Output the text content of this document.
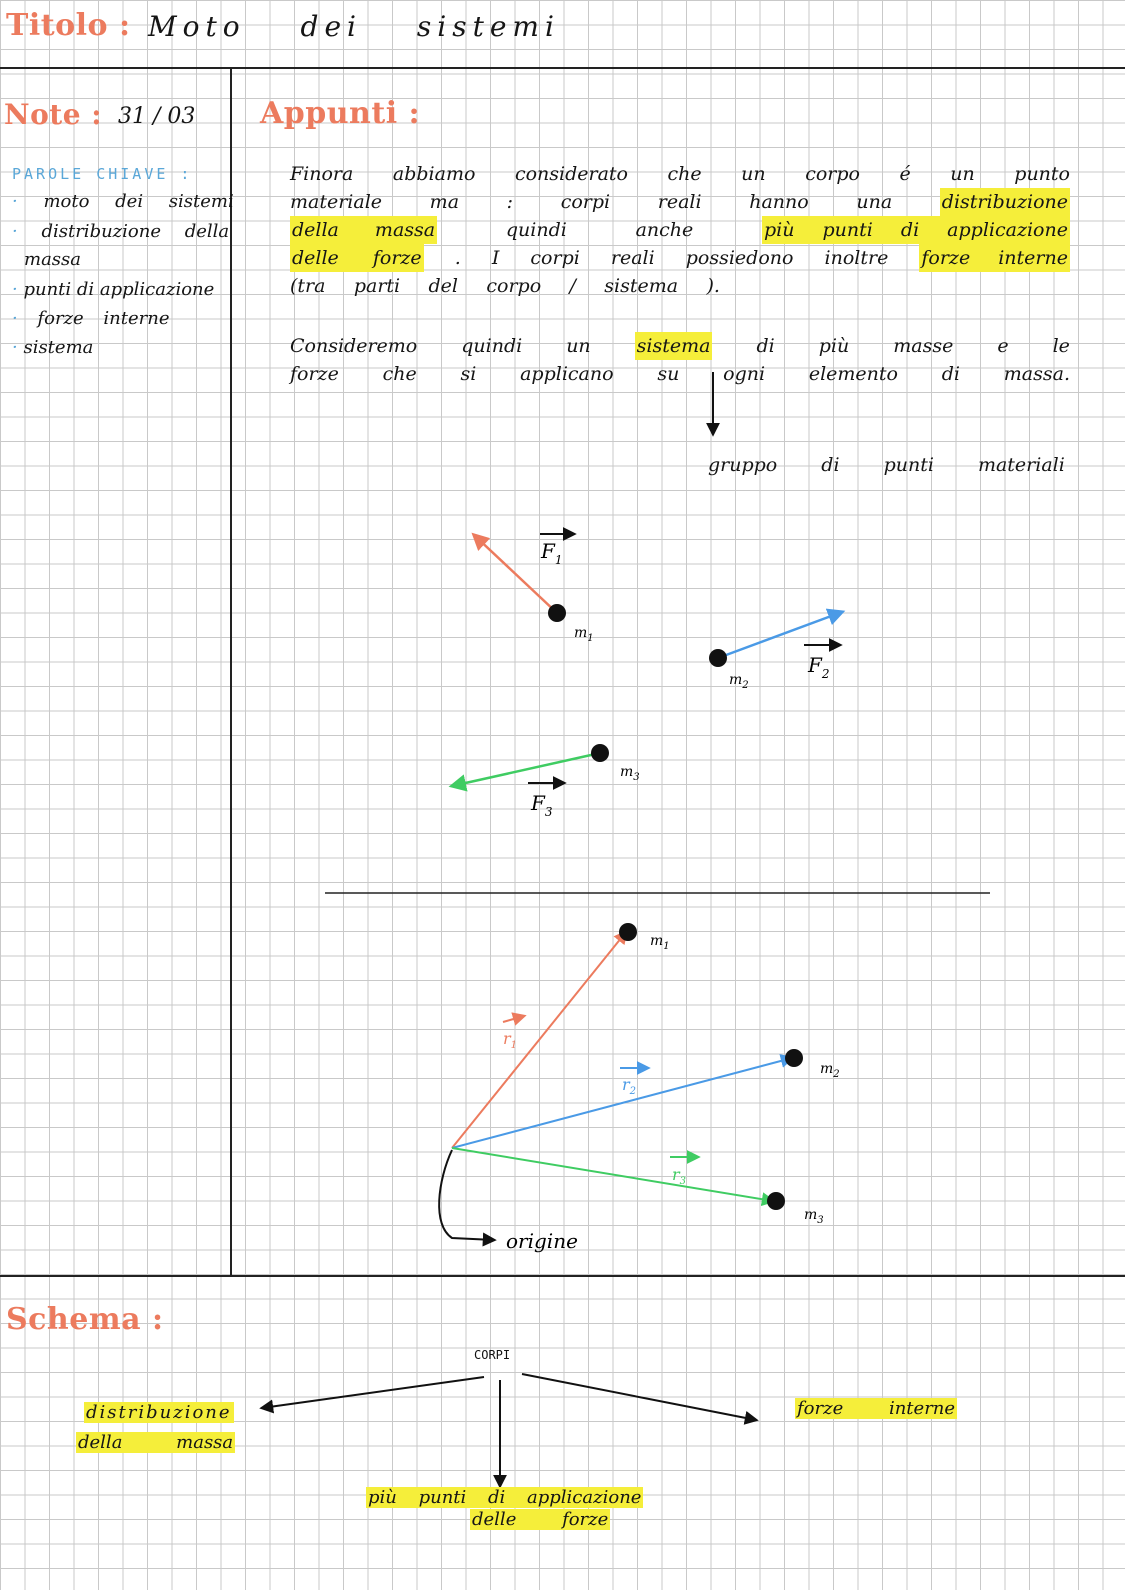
Titolo : Moto dei sistemi
Note : 31 / 03
PAROLE CHIAVE :
· moto dei sistemi
· distribuzione della
massa
· punti di applicazione
· forze interne
· sistema
Appunti :
Finora abbiamo considerato che un corpo é un punto
materiale	ma	:	corpi	reali	hanno	una	distribuzione
della massa	quindi	anche	più punti di applicazione
delle forze . I corpi reali possiedono inoltre forze interne
(tra parti del corpo / sistema ).
Consideremo quindi un sistema di più masse e le
forze che si applicano su ogni elemento di massa.
gruppo di punti materiali
$m_1$
$F_1$
$m_2$
$F_2$
$m_3$
$F_3$
$m_1$
$r_1$
$m_2$
$r_2$
$m_3$
$r_3$
origine
Schema :
CORPI
distribuzione
della massa
forze interne
più punti di applicazione
delle forze
